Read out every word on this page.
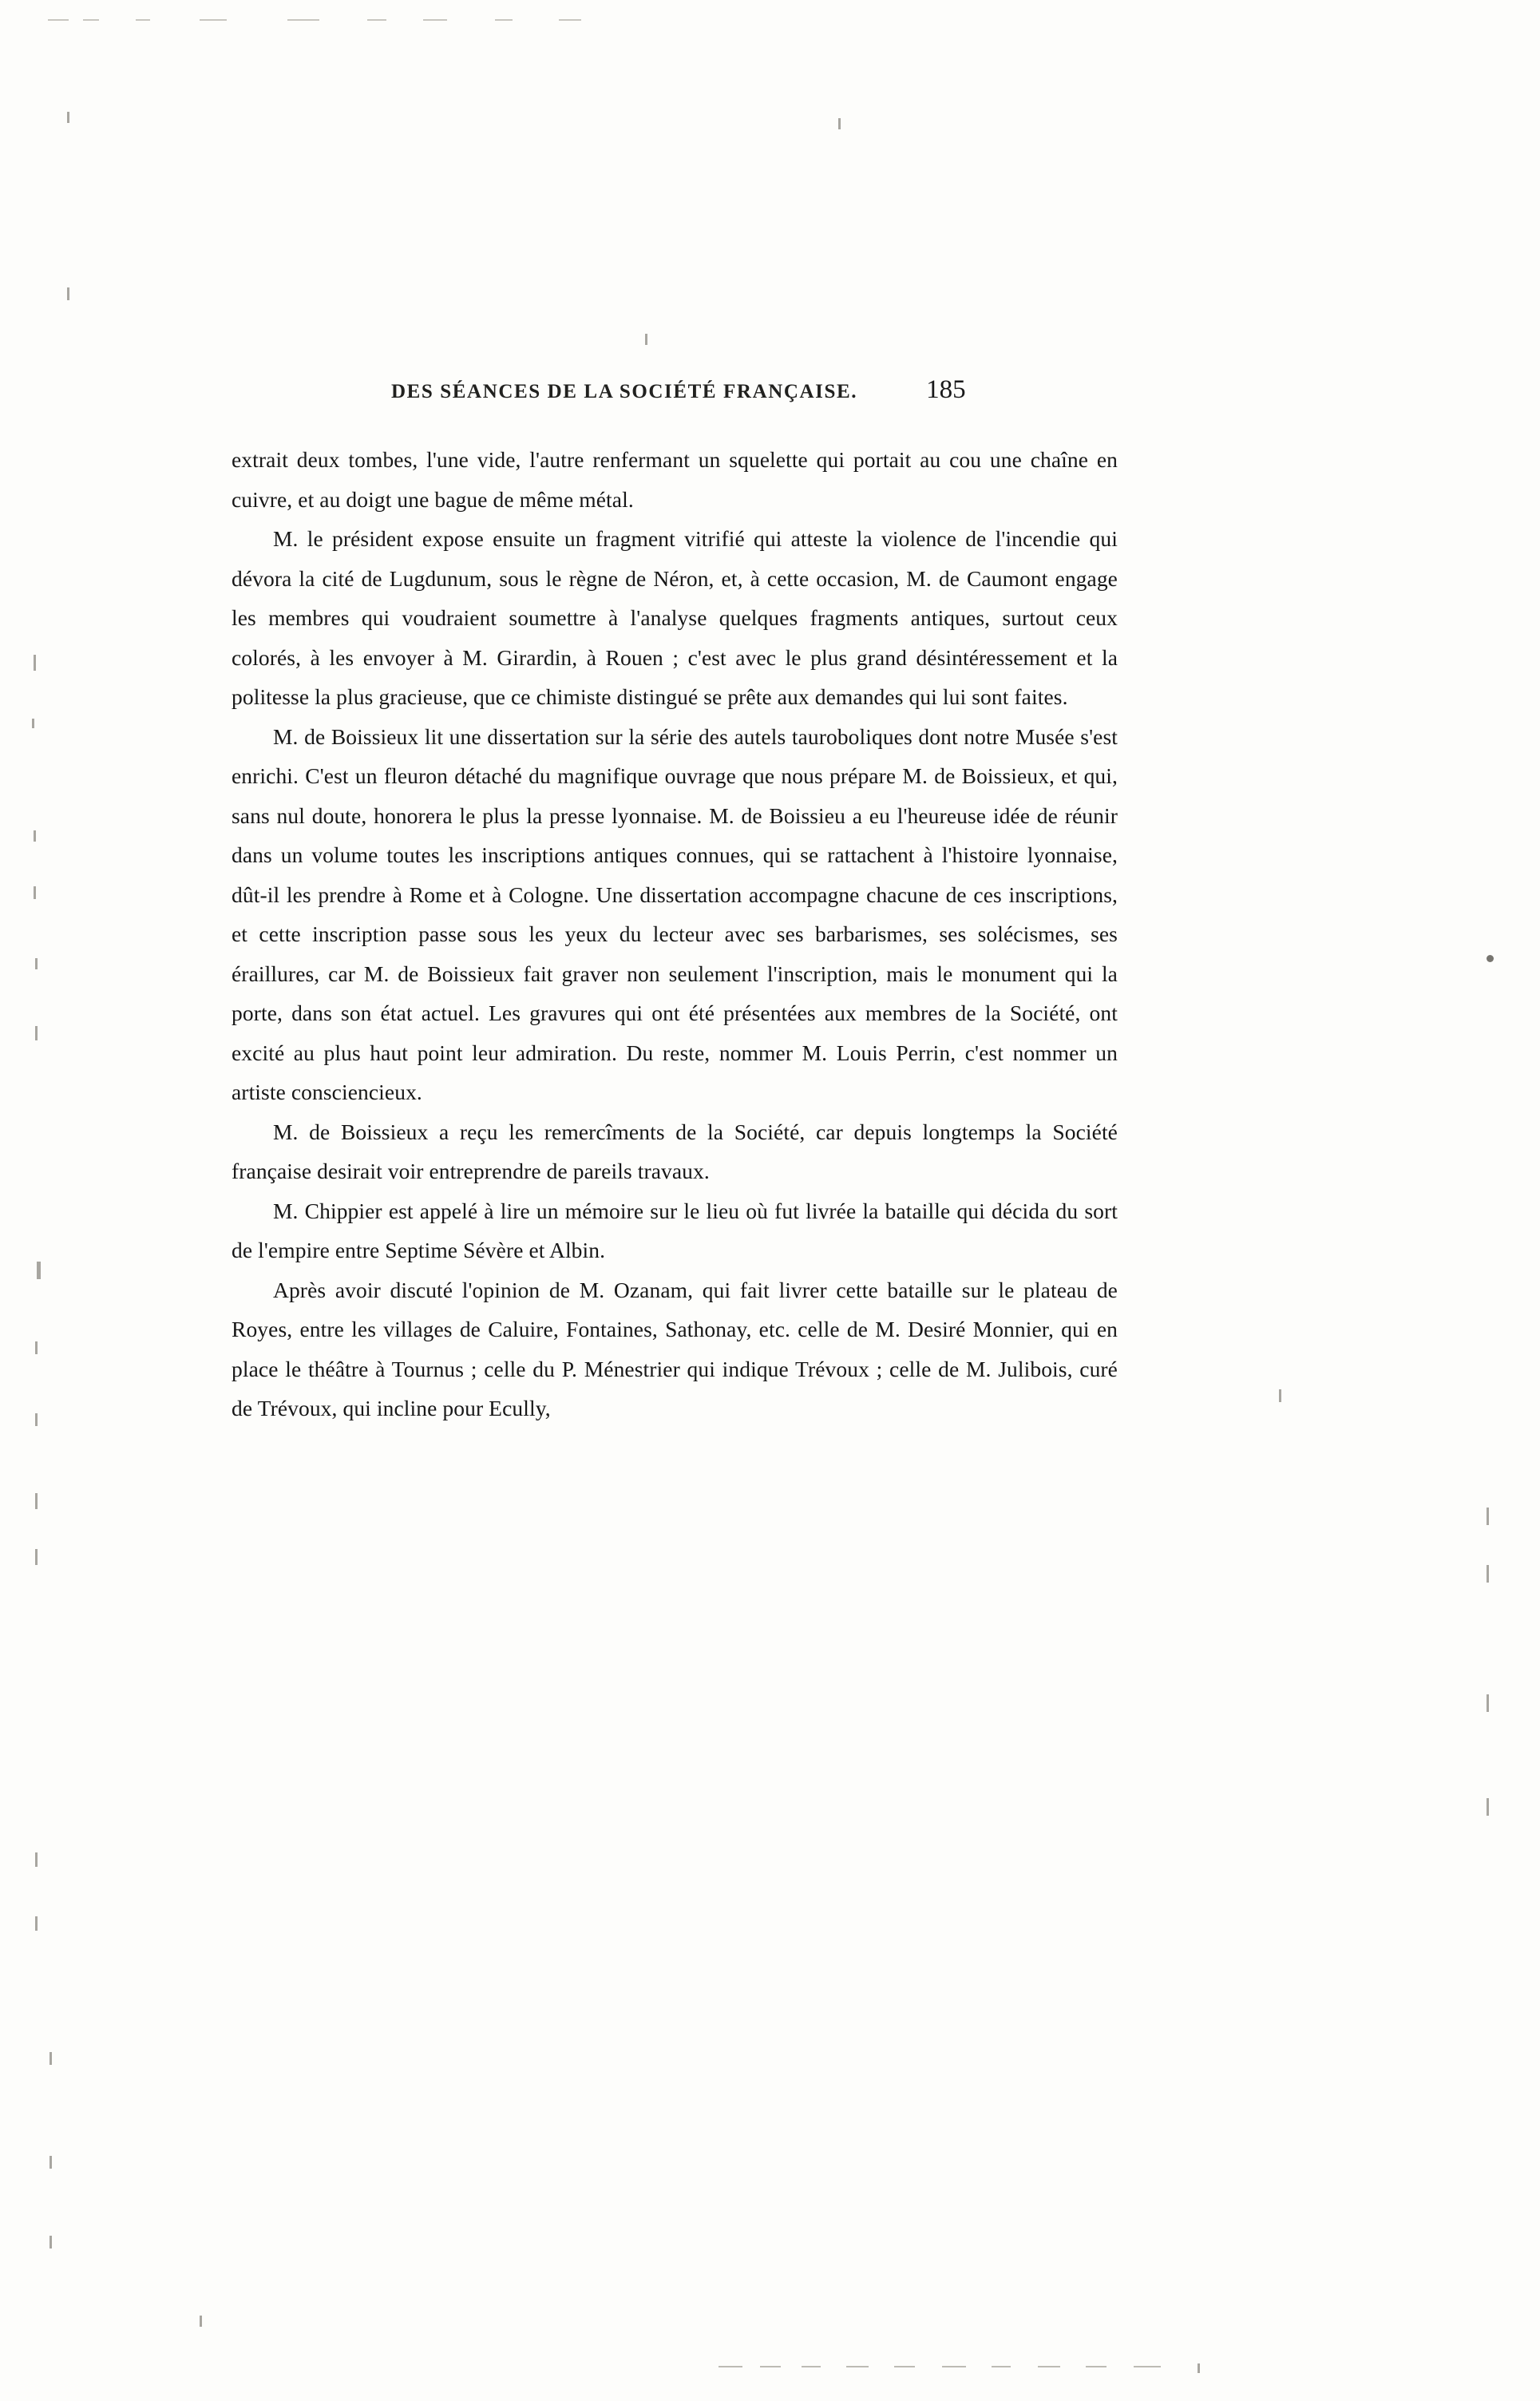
DES SÉANCES DE LA SOCIÉTÉ FRANÇAISE.	185

extrait deux tombes, l'une vide, l'autre renfermant un squelette qui portait au cou une chaîne en cuivre, et au doigt une bague de même métal.

M. le président expose ensuite un fragment vitrifié qui atteste la violence de l'incendie qui dévora la cité de Lugdunum, sous le règne de Néron, et, à cette occasion, M. de Caumont engage les membres qui voudraient soumettre à l'analyse quelques fragments antiques, surtout ceux colorés, à les envoyer à M. Girardin, à Rouen ; c'est avec le plus grand désintéressement et la politesse la plus gracieuse, que ce chimiste distingué se prête aux demandes qui lui sont faites.

M. de Boissieux lit une dissertation sur la série des autels tauroboliques dont notre Musée s'est enrichi. C'est un fleuron détaché du magnifique ouvrage que nous prépare M. de Boissieux, et qui, sans nul doute, honorera le plus la presse lyonnaise. M. de Boissieu a eu l'heureuse idée de réunir dans un volume toutes les inscriptions antiques connues, qui se rattachent à l'histoire lyonnaise, dût-il les prendre à Rome et à Cologne. Une dissertation accompagne chacune de ces inscriptions, et cette inscription passe sous les yeux du lecteur avec ses barbarismes, ses solécismes, ses éraillures, car M. de Boissieux fait graver non seulement l'inscription, mais le monument qui la porte, dans son état actuel. Les gravures qui ont été présentées aux membres de la Société, ont excité au plus haut point leur admiration. Du reste, nommer M. Louis Perrin, c'est nommer un artiste consciencieux.

M. de Boissieux a reçu les remercîments de la Société, car depuis longtemps la Société française desirait voir entreprendre de pareils travaux.

M. Chippier est appelé à lire un mémoire sur le lieu où fut livrée la bataille qui décida du sort de l'empire entre Septime Sévère et Albin.

Après avoir discuté l'opinion de M. Ozanam, qui fait livrer cette bataille sur le plateau de Royes, entre les villages de Caluire, Fontaines, Sathonay, etc. celle de M. Desiré Monnier, qui en place le théâtre à Tournus ; celle du P. Ménestrier qui indique Trévoux ; celle de M. Julibois, curé de Trévoux, qui incline pour Ecully,
